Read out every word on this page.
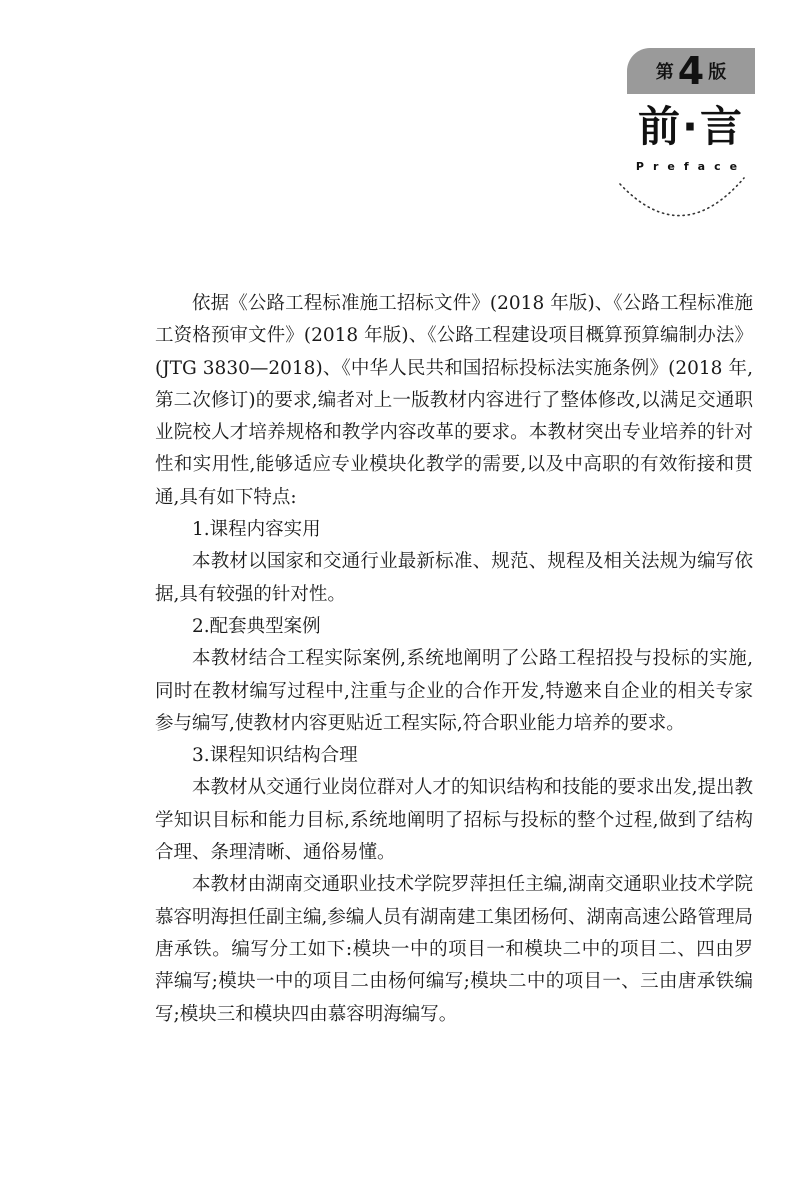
第 4 版
前·言
Preface

依据《公路工程标准施工招标文件》(2018 年版)、《公路工程标准施工资格预审文件》(2018 年版)、《公路工程建设项目概算预算编制办法》(JTG 3830—2018)、《中华人民共和国招标投标法实施条例》(2018 年,第二次修订)的要求,编者对上一版教材内容进行了整体修改,以满足交通职业院校人才培养规格和教学内容改革的要求。本教材突出专业培养的针对性和实用性,能够适应专业模块化教学的需要,以及中高职的有效衔接和贯通,具有如下特点:

1.课程内容实用

本教材以国家和交通行业最新标准、规范、规程及相关法规为编写依据,具有较强的针对性。

2.配套典型案例

本教材结合工程实际案例,系统地阐明了公路工程招投与投标的实施,同时在教材编写过程中,注重与企业的合作开发,特邀来自企业的相关专家参与编写,使教材内容更贴近工程实际,符合职业能力培养的要求。

3.课程知识结构合理

本教材从交通行业岗位群对人才的知识结构和技能的要求出发,提出教学知识目标和能力目标,系统地阐明了招标与投标的整个过程,做到了结构合理、条理清晰、通俗易懂。

本教材由湖南交通职业技术学院罗萍担任主编,湖南交通职业技术学院慕容明海担任副主编,参编人员有湖南建工集团杨何、湖南高速公路管理局唐承铁。编写分工如下:模块一中的项目一和模块二中的项目二、四由罗萍编写;模块一中的项目二由杨何编写;模块二中的项目一、三由唐承铁编写;模块三和模块四由慕容明海编写。
